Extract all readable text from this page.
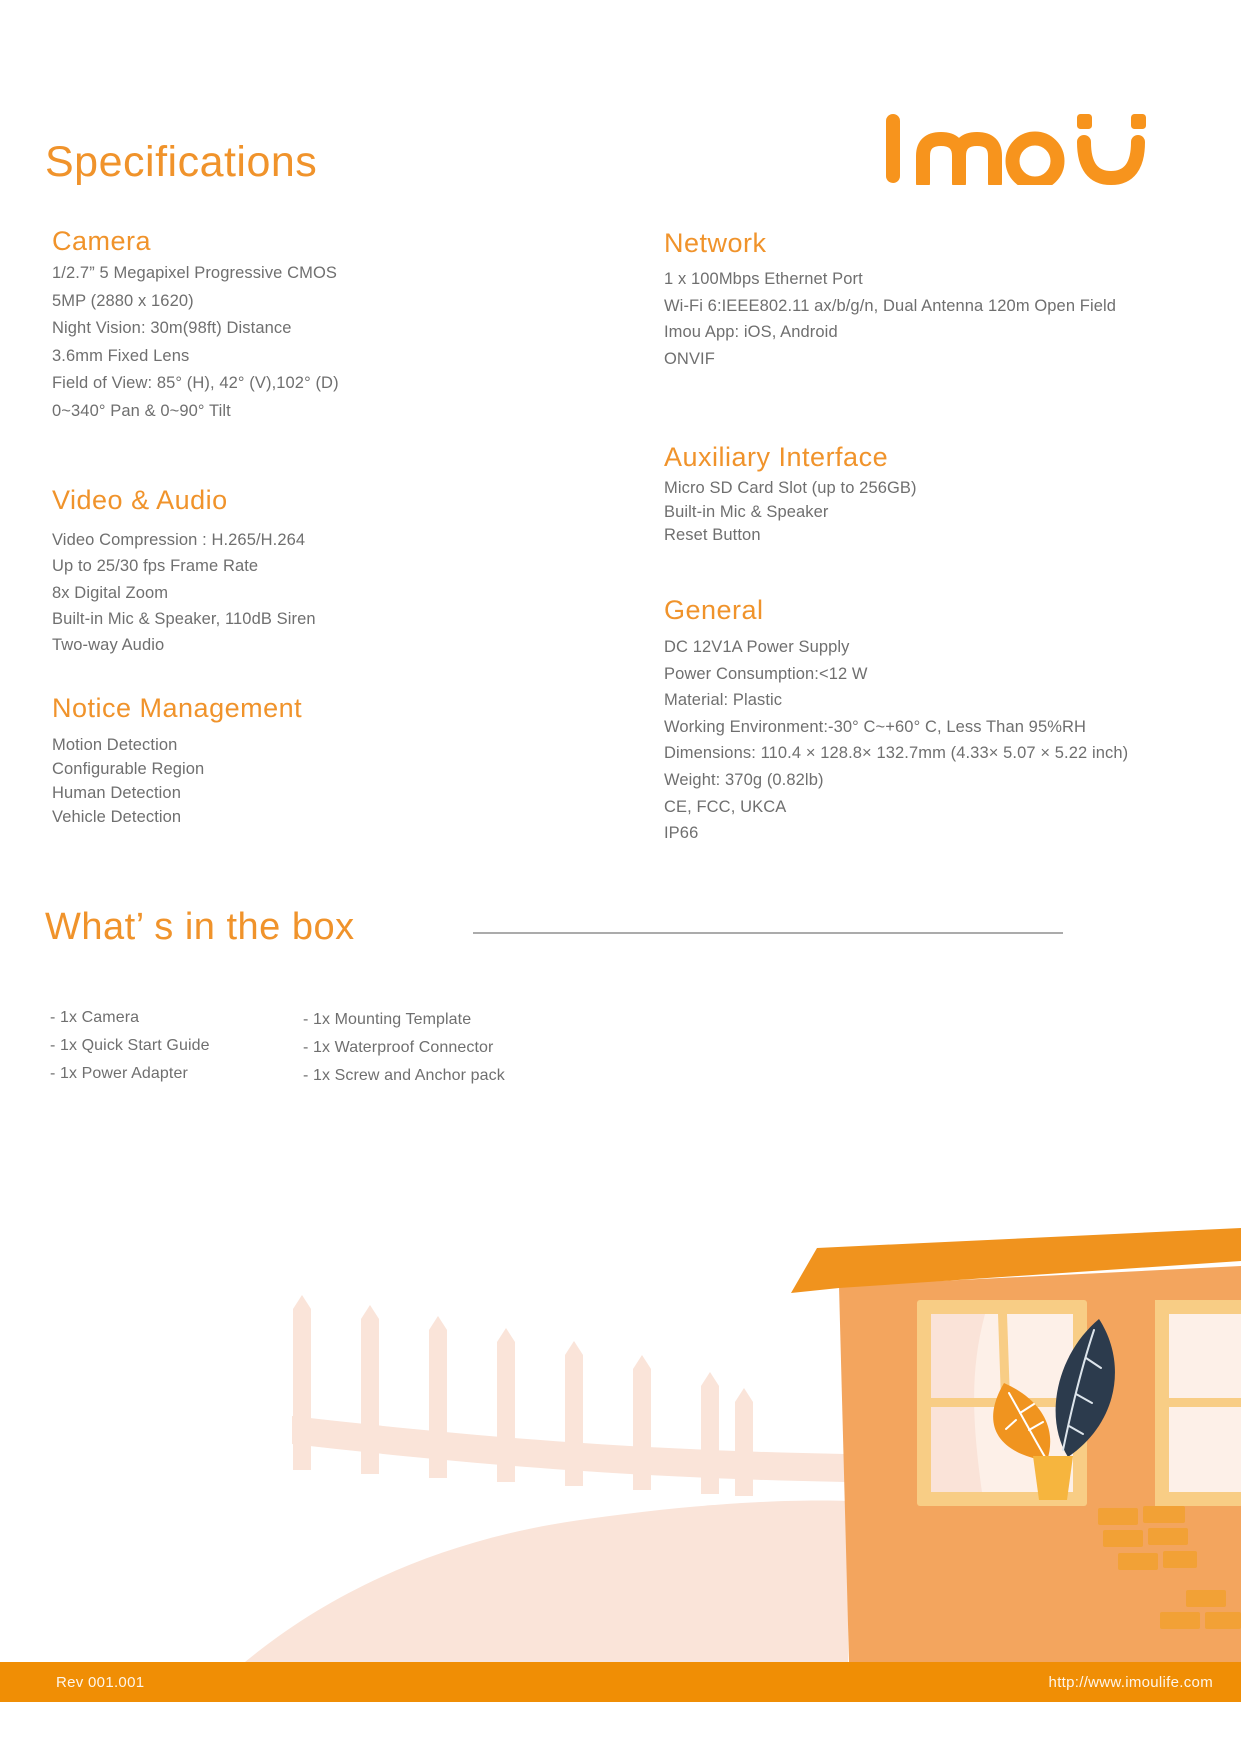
Specifications
Camera
1/2.7” 5 Megapixel Progressive CMOS
5MP (2880 x 1620)
Night Vision: 30m(98ft) Distance
3.6mm Fixed Lens
Field of View: 85° (H), 42° (V),102° (D)
0~340° Pan & 0~90° Tilt
Video & Audio
Video Compression : H.265/H.264
Up to 25/30 fps Frame Rate
8x Digital Zoom
Built-in Mic & Speaker, 110dB Siren
Two-way Audio
Notice Management
Motion Detection
Configurable Region
Human Detection
Vehicle Detection
Network
1 x 100Mbps Ethernet Port
Wi-Fi 6:IEEE802.11 ax/b/g/n, Dual Antenna 120m Open Field
Imou App: iOS, Android
ONVIF
Auxiliary Interface
Micro SD Card Slot (up to 256GB)
Built-in Mic & Speaker
Reset Button
General
DC 12V1A Power Supply
Power Consumption:<12 W
Material: Plastic
Working Environment:-30° C~+60° C, Less Than 95%RH
Dimensions: 110.4 × 128.8× 132.7mm (4.33× 5.07 × 5.22 inch)
Weight: 370g (0.82lb)
CE, FCC, UKCA
IP66
What’ s in the box
- 1x Camera
- 1x Quick Start Guide
- 1x Power Adapter
- 1x Mounting Template
- 1x Waterproof Connector
- 1x Screw and Anchor pack
Rev 001.001	http://www.imoulife.com
